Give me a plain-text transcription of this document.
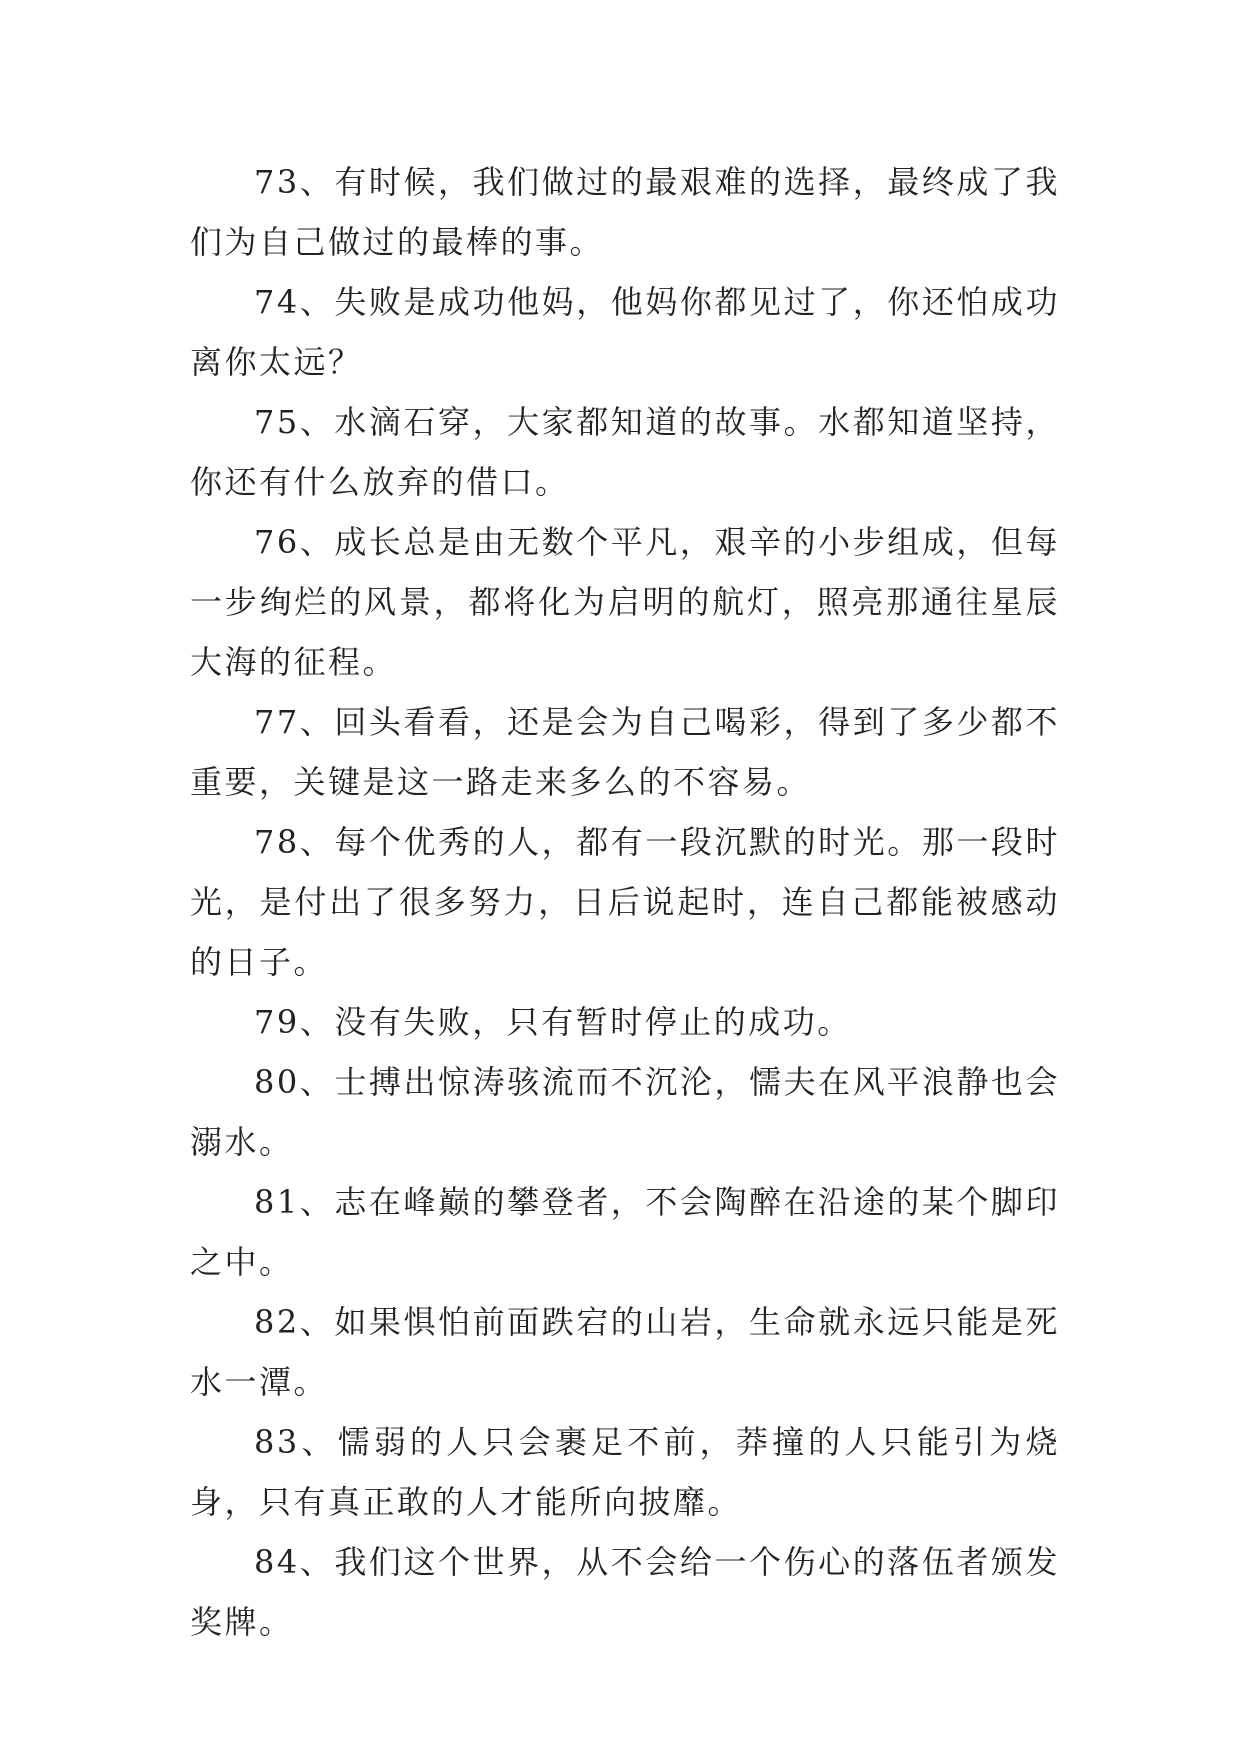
73、有时候，我们做过的最艰难的选择，最终成了我们为自己做过的最棒的事。

74、失败是成功他妈，他妈你都见过了，你还怕成功离你太远？

75、水滴石穿，大家都知道的故事。水都知道坚持，你还有什么放弃的借口。

76、成长总是由无数个平凡，艰辛的小步组成，但每一步绚烂的风景，都将化为启明的航灯，照亮那通往星辰大海的征程。

77、回头看看，还是会为自己喝彩，得到了多少都不重要，关键是这一路走来多么的不容易。

78、每个优秀的人，都有一段沉默的时光。那一段时光，是付出了很多努力，日后说起时，连自己都能被感动的日子。

79、没有失败，只有暂时停止的成功。

80、士搏出惊涛骇流而不沉沦，懦夫在风平浪静也会溺水。

81、志在峰巅的攀登者，不会陶醉在沿途的某个脚印之中。

82、如果惧怕前面跌宕的山岩，生命就永远只能是死水一潭。

83、懦弱的人只会裹足不前，莽撞的人只能引为烧身，只有真正敢的人才能所向披靡。

84、我们这个世界，从不会给一个伤心的落伍者颁发奖牌。
